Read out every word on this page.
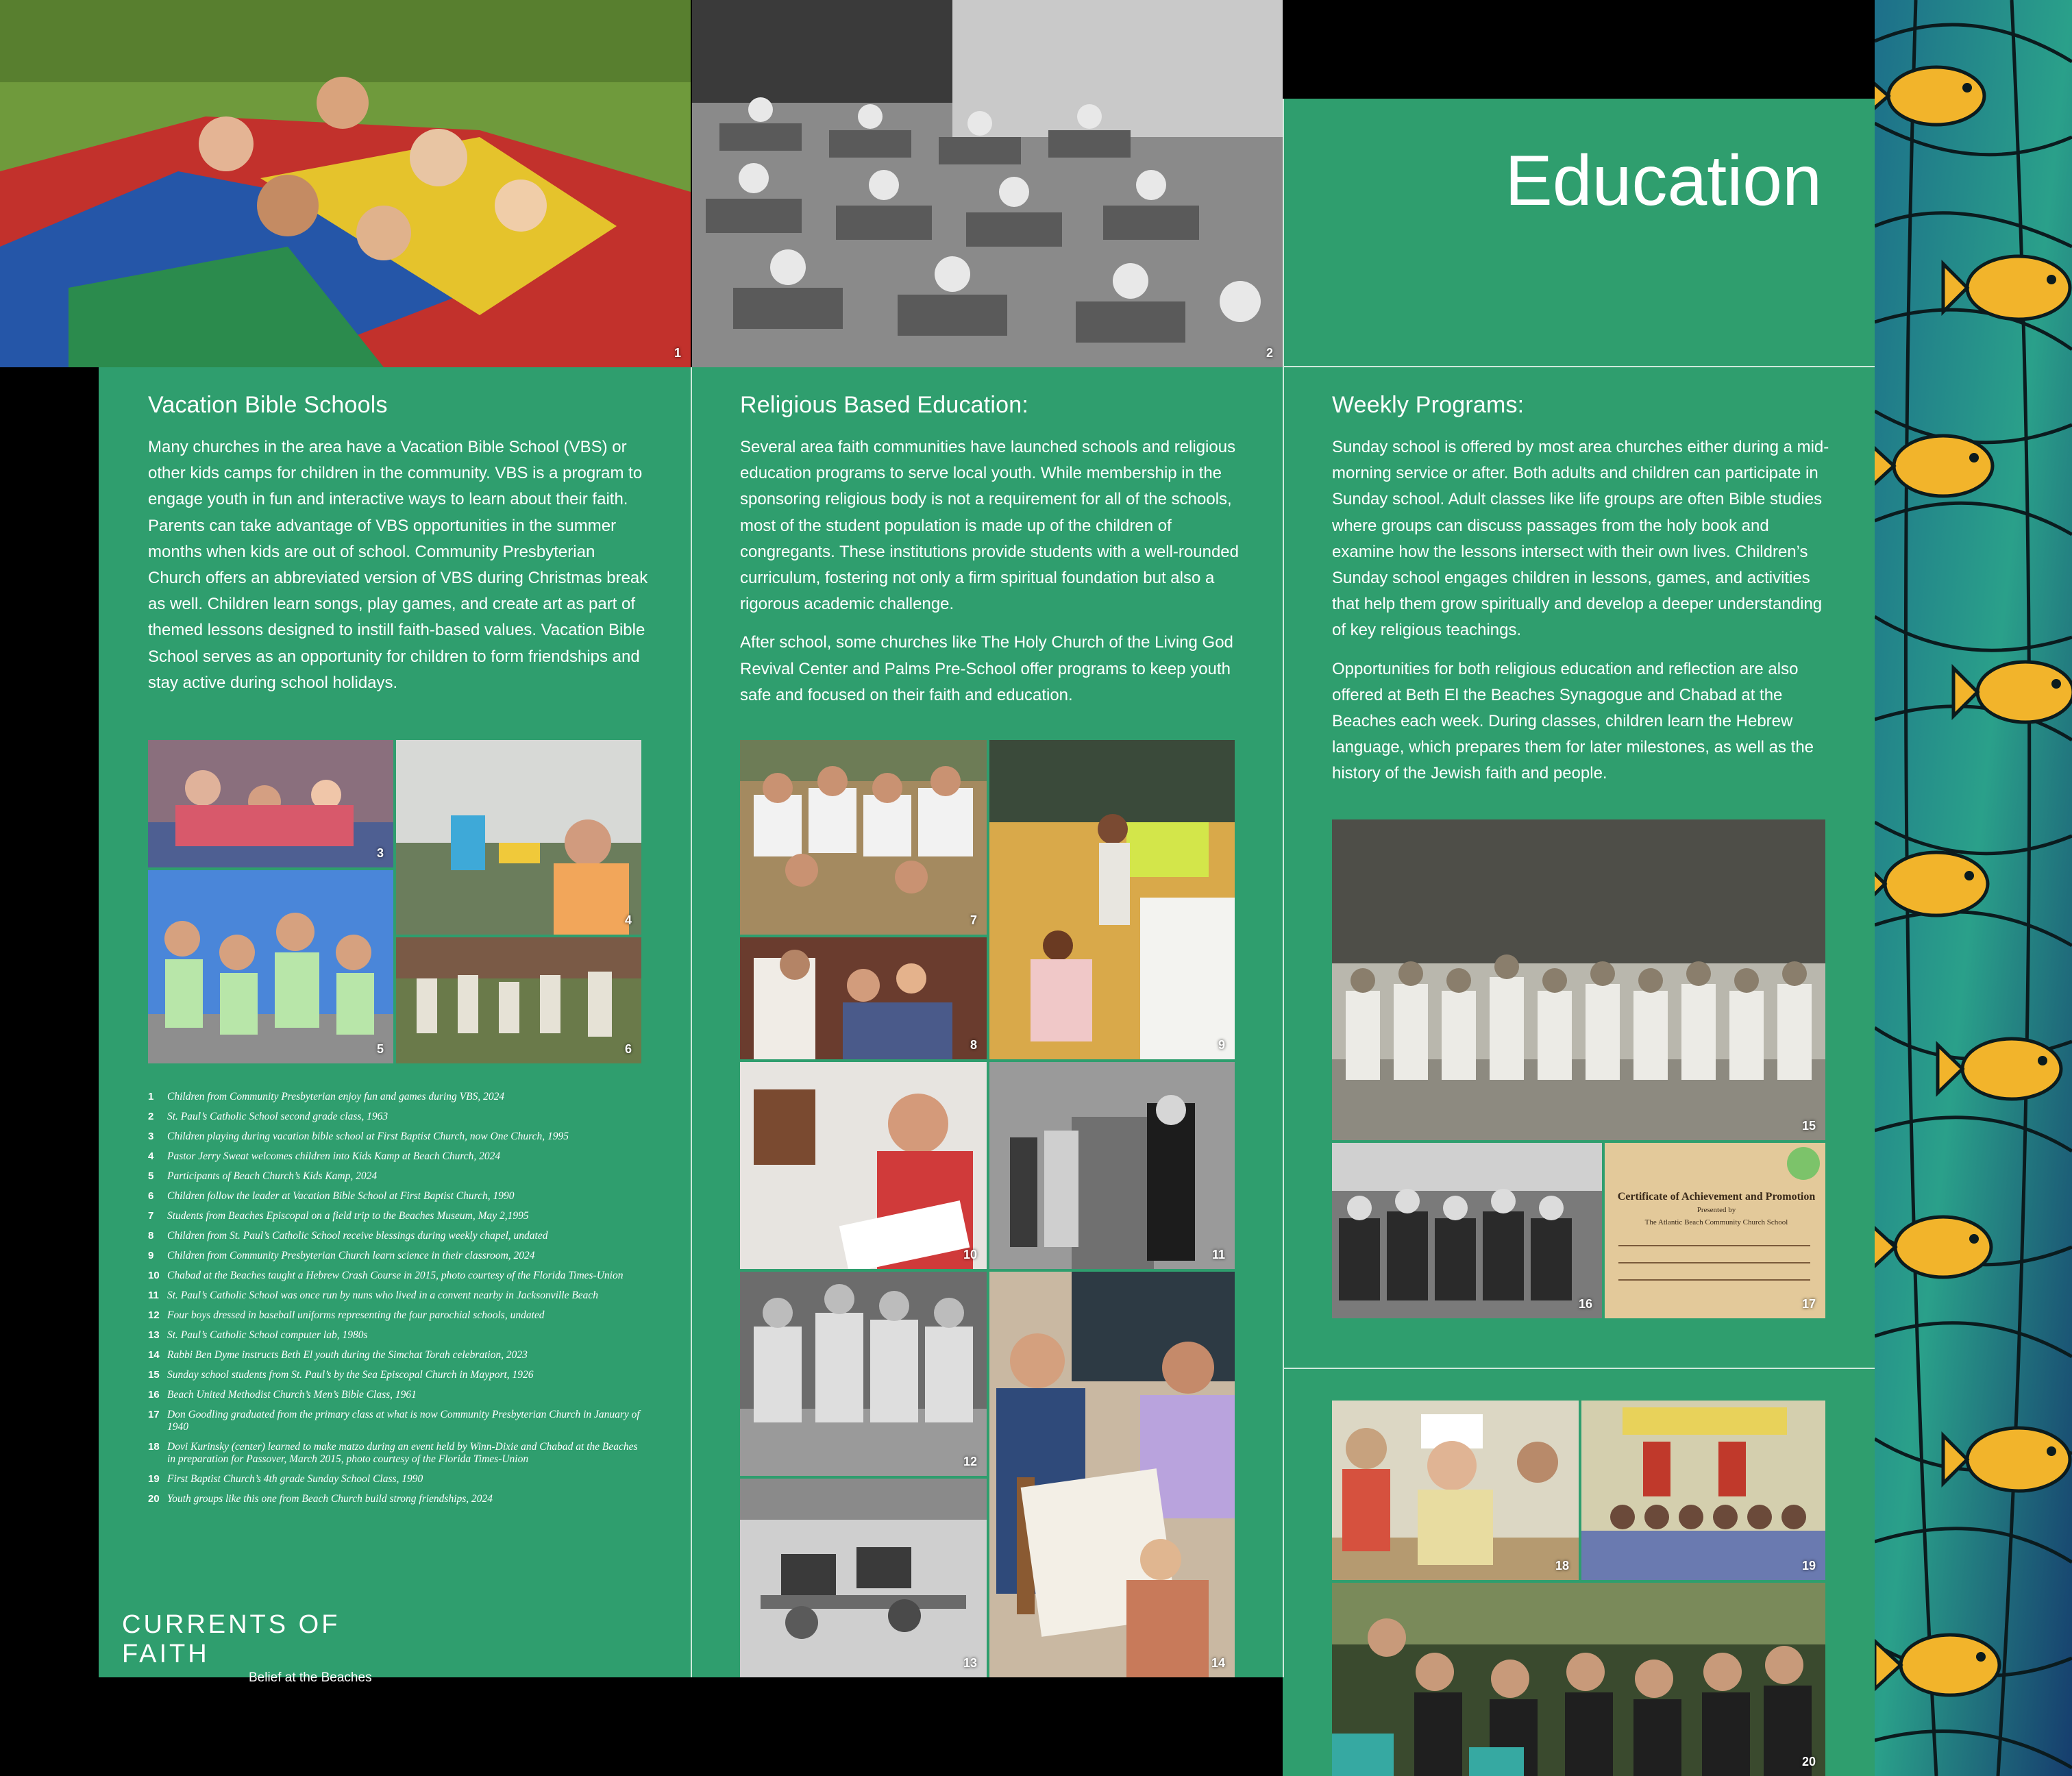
Education
1	2
Vacation Bible Schools

Many churches in the area have a Vacation Bible School (VBS) or other kids camps for children in the community. VBS is a program to engage youth in fun and interactive ways to learn about their faith. Parents can take advantage of VBS opportunities in the summer months when kids are out of school. Community Presbyterian Church offers an abbreviated version of VBS during Christmas break as well. Children learn songs, play games, and create art as part of themed lessons designed to instill faith-based values. Vacation Bible School serves as an opportunity for children to form friendships and stay active during school holidays.

3
4
5	6
1	Children from Community Presbyterian enjoy fun and games during VBS, 2024
2	St. Paul’s Catholic School second grade class, 1963
3	Children playing during vacation bible school at First Baptist Church, now One Church, 1995
4	Pastor Jerry Sweat welcomes children into Kids Kamp at Beach Church, 2024
5	Participants of Beach Church’s Kids Kamp, 2024
6	Children follow the leader at Vacation Bible School at First Baptist Church, 1990
7	Students from Beaches Episcopal on a field trip to the Beaches Museum, May 2,1995
8	Children from St. Paul’s Catholic School receive blessings during weekly chapel, undated
9	Children from Community Presbyterian Church learn science in their classroom, 2024
10 Chabad at the Beaches taught a Hebrew Crash Course in 2015, photo courtesy of the Florida Times-Union
11 St. Paul’s Catholic School was once run by nuns who lived in a convent nearby in Jacksonville Beach
12 Four boys dressed in baseball uniforms representing the four parochial schools, undated
13 St. Paul’s Catholic School computer lab, 1980s
14 Rabbi Ben Dyme instructs Beth El youth during the Simchat Torah celebration, 2023
15 Sunday school students from St. Paul’s by the Sea Episcopal Church in Mayport, 1926
16 Beach United Methodist Church’s Men’s Bible Class, 1961
17 Don Goodling graduated from the primary class at what is now Community Presbyterian Church in January of 1940
18 Dovi Kurinsky (center) learned to make matzo during an event held by Winn-Dixie and Chabad at the Beaches in preparation for Passover, March 2015, photo courtesy of the Florida Times-Union
19 First Baptist Church’s 4th grade Sunday School Class, 1990
20 Youth groups like this one from Beach Church build strong friendships, 2024
CURRENTS OF FAITH
Belief at the Beaches
Religious Based Education:

Several area faith communities have launched schools and religious education programs to serve local youth. While membership in the sponsoring religious body is not a requirement for all of the schools, most of the student population is made up of the children of congregants. These institutions provide students with a well-rounded curriculum, fostering not only a firm spiritual foundation but also a rigorous academic challenge.

After school, some churches like The Holy Church of the Living God Revival Center and Palms Pre-School offer programs to keep youth safe and focused on their faith and education.

7
9
8
10	11
12
13	14
Weekly Programs:

Sunday school is offered by most area churches either during a mid-morning service or after. Both adults and children can participate in Sunday school. Adult classes like life groups are often Bible studies where groups can discuss passages from the holy book and examine how the lessons intersect with their own lives. Children’s Sunday school engages children in lessons, games, and activities that help them grow spiritually and develop a deeper understanding of key religious teachings.

Opportunities for both religious education and reflection are also offered at Beth El the Beaches Synagogue and Chabad at the Beaches each week. During classes, children learn the Hebrew language, which prepares them for later milestones, as well as the history of the Jewish faith and people.

15
16
Certificate of Achievement and Promotion
Presented by
The Atlantic Beach Community Church School
17
18	19
20
